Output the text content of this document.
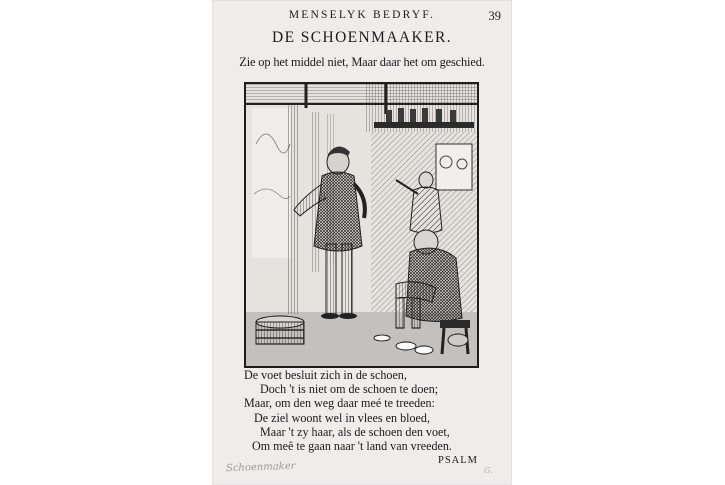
MENSELYK BEDRYF.	39
DE SCHOENMAAKER.
Zie op het middel niet, Maar daar het om geschied.
De voet besluit zich in de schoen,
Doch 't is niet om de schoen te doen;
Maar, om den weg daar meé te treeden:
De ziel woont wel in vlees en bloed,
Maar 't zy haar, als de schoen den voet,
Om meê te gaan naar 't land van vreeden.
PSALM
Schoenmaker	G.
